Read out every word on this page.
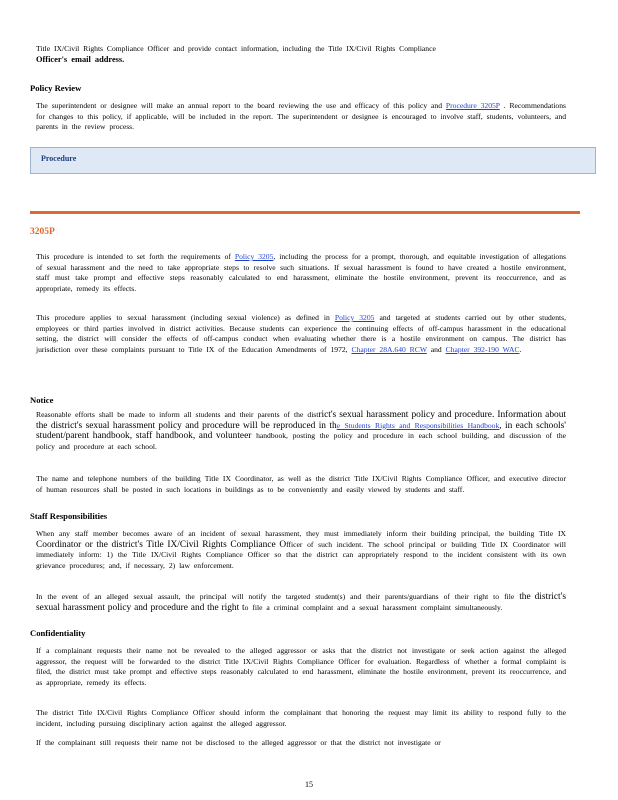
Title IX/Civil Rights Compliance Officer and provide contact information, including the Title IX/Civil Rights Compliance
Officer's email address.
Policy Review
The superintendent or designee will make an annual report to the board reviewing the use and efficacy of this policy and Procedure 3205P . Recommendations for changes to this policy, if applicable, will be included in the report. The superintendent or designee is encouraged to involve staff, students, volunteers, and parents in the review process.
Procedure
3205P
This procedure is intended to set forth the requirements of Policy 3205, including the process for a prompt, thorough, and equitable investigation of allegations of sexual harassment and the need to take appropriate steps to resolve such situations. If sexual harassment is found to have created a hostile environment, staff must take prompt and effective steps reasonably calculated to end harassment, eliminate the hostile environment, prevent its reoccurrence, and as appropriate, remedy its effects.
This procedure applies to sexual harassment (including sexual violence) as defined in Policy 3205 and targeted at students carried out by other students, employees or third parties involved in district activities. Because students can experience the continuing effects of off-campus harassment in the educational setting, the district will consider the effects of off-campus conduct when evaluating whether there is a hostile environment on campus. The district has jurisdiction over these complaints pursuant to Title IX of the Education Amendments of 1972, Chapter 28A.640 RCW and Chapter 392-190 WAC.
Notice
Reasonable efforts shall be made to inform all students and their parents of the district's sexual harassment policy and procedure. Information about the district's sexual harassment policy and procedure will be reproduced in the Students Rights and Responsibilities Handbook, in each schools' student/parent handbook, staff handbook, and volunteer handbook, posting the policy and procedure in each school building, and discussion of the policy and procedure at each school.
The name and telephone numbers of the building Title IX Coordinator, as well as the district Title IX/Civil Rights Compliance Officer, and executive director of human resources shall be posted in such locations in buildings as to be conveniently and easily viewed by students and staff.
Staff Responsibilities
When any staff member becomes aware of an incident of sexual harassment, they must immediately inform their building principal, the building Title IX Coordinator or the district's Title IX/Civil Rights Compliance Officer of such incident. The school principal or building Title IX Coordinator will immediately inform: 1) the Title IX/Civil Rights Compliance Officer so that the district can appropriately respond to the incident consistent with its own grievance procedures; and, if necessary, 2) law enforcement.
In the event of an alleged sexual assault, the principal will notify the targeted student(s) and their parents/guardians of their right to file the district's sexual harassment policy and procedure and the right to file a criminal complaint and a sexual harassment complaint simultaneously.
Confidentiality
If a complainant requests their name not be revealed to the alleged aggressor or asks that the district not investigate or seek action against the alleged aggressor, the request will be forwarded to the district Title IX/Civil Rights Compliance Officer for evaluation. Regardless of whether a formal complaint is filed, the district must take prompt and effective steps reasonably calculated to end harassment, eliminate the hostile environment, prevent its reoccurrence, and as appropriate, remedy its effects.
The district Title IX/Civil Rights Compliance Officer should inform the complainant that honoring the request may limit its ability to respond fully to the incident, including pursuing disciplinary action against the alleged aggressor.
If the complainant still requests their name not be disclosed to the alleged aggressor or that the district not investigate or
15
